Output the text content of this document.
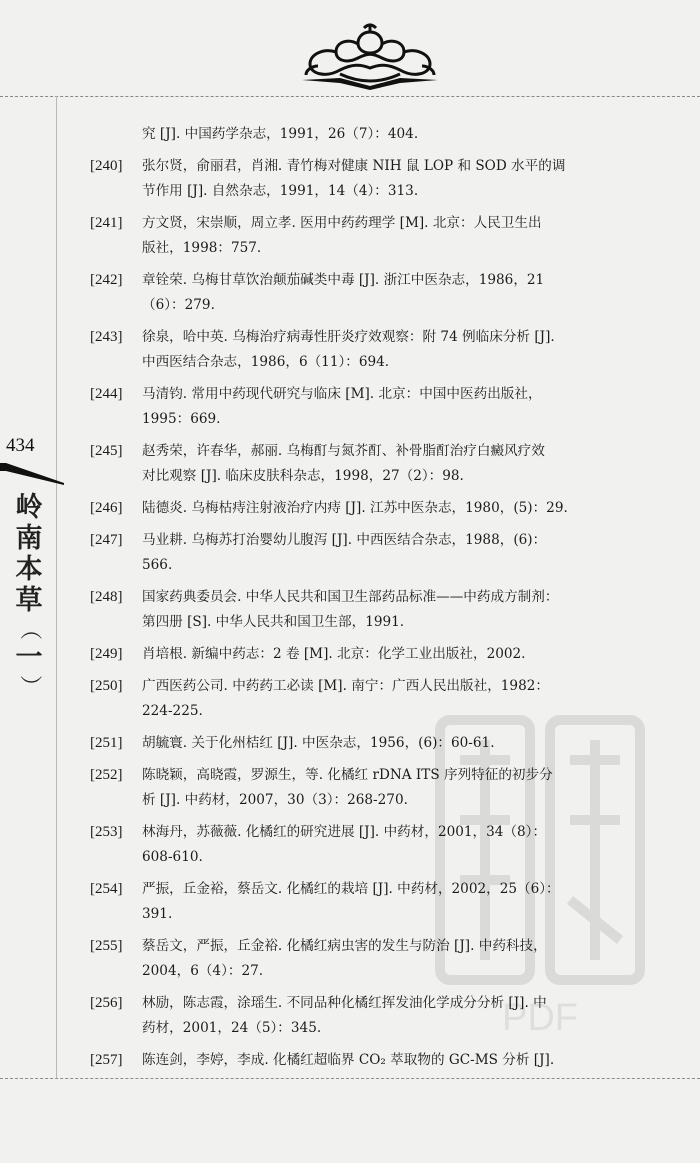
434
岭
南
本
草
（
一
）
PDF
究 [J]. 中国药学杂志，1991，26（7）：404.
[240]	张尔贤，俞丽君，肖湘. 青竹梅对健康 NIH 鼠 LOP 和 SOD 水平的调
节作用 [J]. 自然杂志，1991，14（4）：313.
[241]	方文贤，宋崇顺，周立孝. 医用中药药理学 [M]. 北京：人民卫生出
版社，1998：757.
[242]	章铨荣. 乌梅甘草饮治颠茄碱类中毒 [J]. 浙江中医杂志，1986，21
（6）：279.
[243]	徐泉，哈中英. 乌梅治疗病毒性肝炎疗效观察：附 74 例临床分析 [J].
中西医结合杂志，1986，6（11）：694.
[244]	马清钧. 常用中药现代研究与临床 [M]. 北京：中国中医药出版社，
1995：669.
[245]	赵秀荣，许春华，郝丽. 乌梅酊与氮芥酊、补骨脂酊治疗白癜风疗效
对比观察 [J]. 临床皮肤科杂志，1998，27（2）：98.
[246]	陆德炎. 乌梅枯痔注射液治疗内痔 [J]. 江苏中医杂志，1980，(5)：29.
[247]	马业耕. 乌梅苏打治婴幼儿腹泻 [J]. 中西医结合杂志，1988，(6)：
566.
[248]	国家药典委员会. 中华人民共和国卫生部药品标准——中药成方制剂：
第四册 [S]. 中华人民共和国卫生部，1991.
[249]	肖培根. 新编中药志：2 卷 [M]. 北京：化学工业出版社，2002.
[250]	广西医药公司. 中药药工必读 [M]. 南宁：广西人民出版社，1982：
224-225.
[251]	胡毓寰. 关于化州桔红 [J]. 中医杂志，1956，(6)：60-61.
[252]	陈晓颖，高晓霞，罗源生，等. 化橘红 rDNA ITS 序列特征的初步分
析 [J]. 中药材，2007，30（3）：268-270.
[253]	林海丹，苏薇薇. 化橘红的研究进展 [J]. 中药材，2001，34（8）：
608-610.
[254]	严振，丘金裕，蔡岳文. 化橘红的栽培 [J]. 中药材，2002，25（6）：
391.
[255]	蔡岳文，严振，丘金裕. 化橘红病虫害的发生与防治 [J]. 中药科技，
2004，6（4）：27.
[256]	林励，陈志霞，涂瑶生. 不同品种化橘红挥发油化学成分分析 [J]. 中
药材，2001，24（5）：345.
[257]	陈连剑，李婷，李成. 化橘红超临界 CO₂ 萃取物的 GC-MS 分析 [J].
